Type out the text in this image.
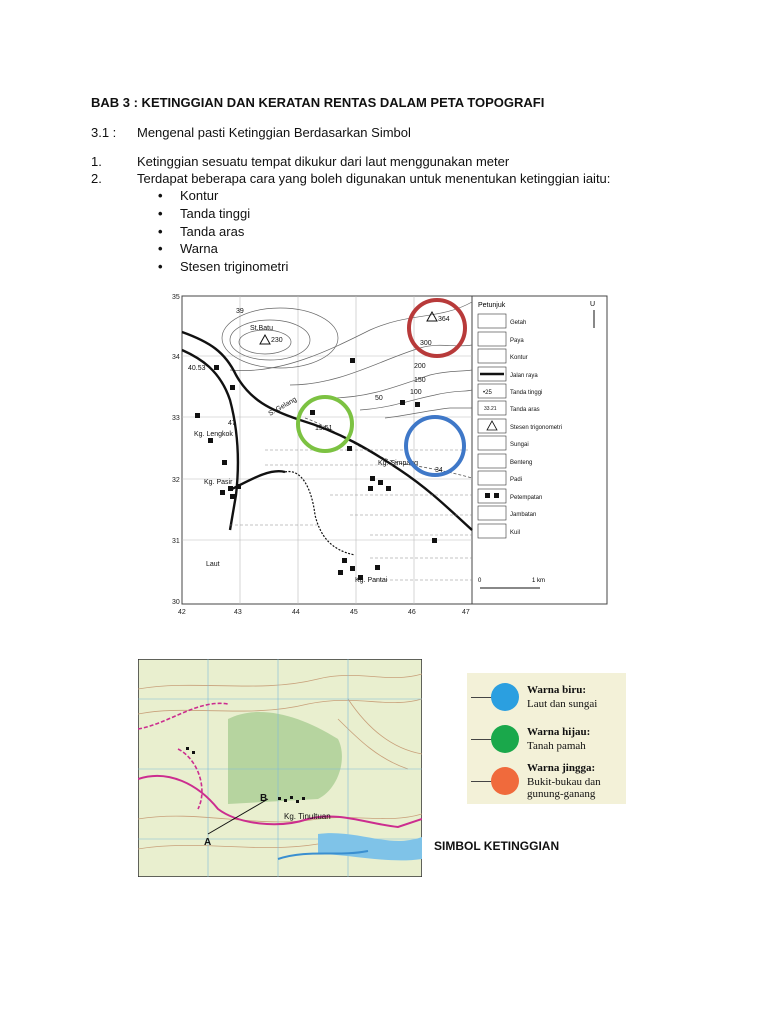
BAB 3 : KETINGGIAN DAN KERATAN RENTAS DALAM PETA TOPOGRAFI
3.1 : Mengenal pasti Ketinggian Berdasarkan Simbol
1.	Ketinggian sesuatu tempat dikukur dari laut menggunakan meter
2.	Terdapat beberapa cara yang boleh digunakan untuk menentukan ketinggian iaitu:
• Kontur
• Tanda tinggi
• Tanda aras
• Warna
• Stesen triginometri
35
34
33
32
31
30
42	43	44	45	46	47
St.Batu
230
39
40.53
S. Gelang
47
Kg. Lengkok
15.51
Kg. Pasir
Kg. Simpang
34
364
300
200
150
100
50
Laut
Kg. Pantai
Petunjuk	U
Getah
Paya
Kontur
Jalan raya
•25	Tanda tinggi
33.21 Tanda aras
Stesen trigonometri
Sungai
Benteng
Padi
Petempatan
Jambatan
Kuil
0	1 km
A
B
Kg. Tinultuan
Warna biru:
Laut dan sungai
Warna hijau:
Tanah pamah
Warna jingga:
Bukit-bukau dan
gunung-ganang
SIMBOL KETINGGIAN
